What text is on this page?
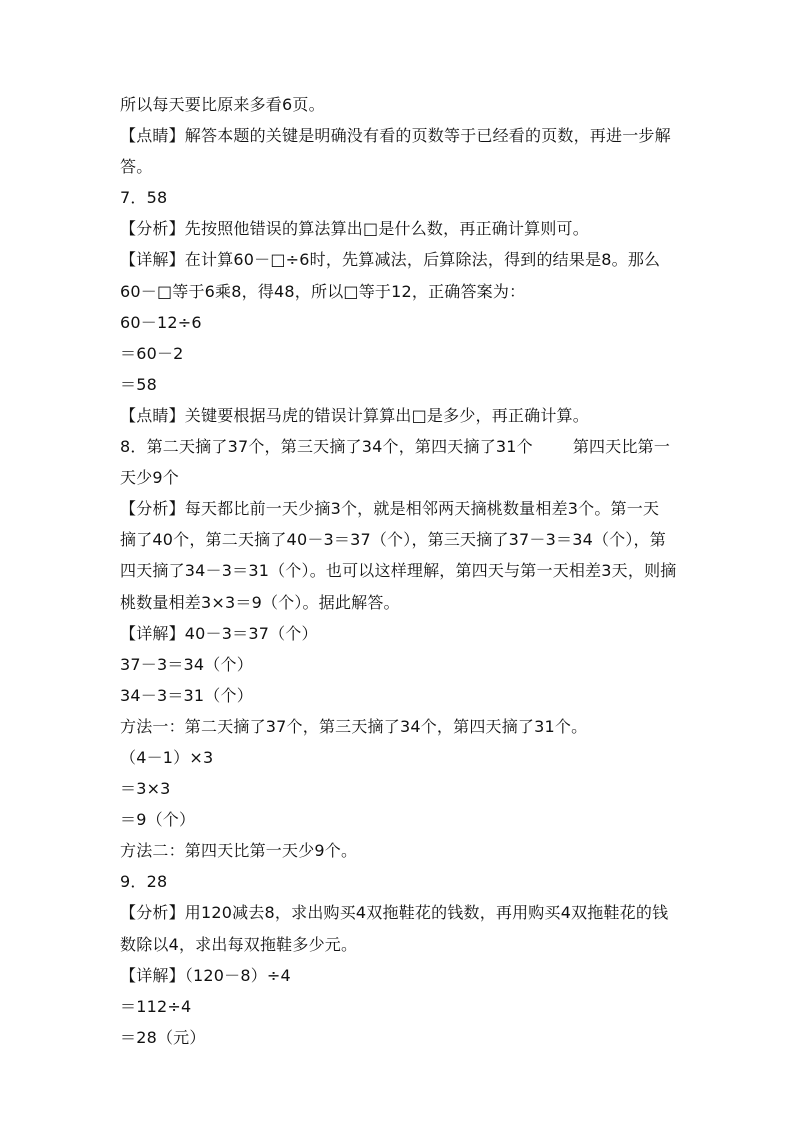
所以每天要比原来多看6页。
【点睛】解答本题的关键是明确没有看的页数等于已经看的页数，再进一步解
答。
7．58
【分析】先按照他错误的算法算出□是什么数，再正确计算则可。
【详解】在计算60－□÷6时，先算减法，后算除法，得到的结果是8。那么
60－□等于6乘8，得48，所以□等于12，正确答案为：
60－12÷6
＝60－2
＝58
【点睛】关键要根据马虎的错误计算算出□是多少，再正确计算。
8．第二天摘了37个，第三天摘了34个，第四天摘了31个	第四天比第一
天少9个
【分析】每天都比前一天少摘3个，就是相邻两天摘桃数量相差3个。第一天
摘了40个，第二天摘了40－3＝37（个），第三天摘了37－3＝34（个），第
四天摘了34－3＝31（个）。也可以这样理解，第四天与第一天相差3天，则摘
桃数量相差3×3＝9（个）。据此解答。
【详解】40－3＝37（个）
37－3＝34（个）
34－3＝31（个）
方法一：第二天摘了37个，第三天摘了34个，第四天摘了31个。
（4－1）×3
＝3×3
＝9（个）
方法二：第四天比第一天少9个。
9．28
【分析】用120减去8，求出购买4双拖鞋花的钱数，再用购买4双拖鞋花的钱
数除以4，求出每双拖鞋多少元。
【详解】（120－8）÷4
＝112÷4
＝28（元）
